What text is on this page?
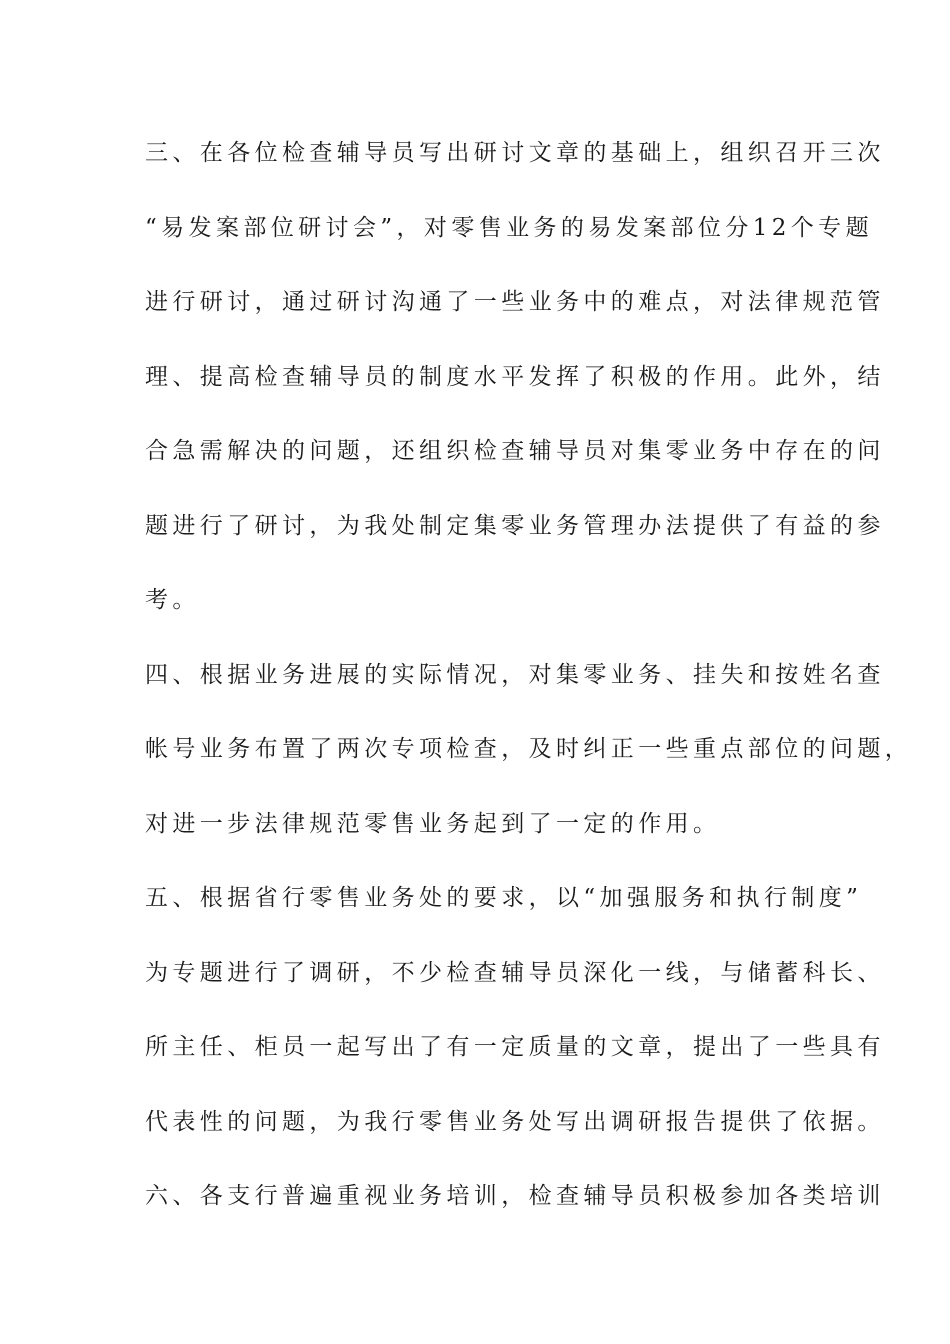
三、在各位检查辅导员写出研讨文章的基础上，组织召开三次
“易发案部位研讨会”，对零售业务的易发案部位分12个专题
进行研讨，通过研讨沟通了一些业务中的难点，对法律规范管
理、提高检查辅导员的制度水平发挥了积极的作用。此外，结
合急需解决的问题，还组织检查辅导员对集零业务中存在的问
题进行了研讨，为我处制定集零业务管理办法提供了有益的参
考。
四、根据业务进展的实际情况，对集零业务、挂失和按姓名查
帐号业务布置了两次专项检查，及时纠正一些重点部位的问题，
对进一步法律规范零售业务起到了一定的作用。
五、根据省行零售业务处的要求，以“加强服务和执行制度”
为专题进行了调研，不少检查辅导员深化一线，与储蓄科长、
所主任、柜员一起写出了有一定质量的文章，提出了一些具有
代表性的问题，为我行零售业务处写出调研报告提供了依据。
六、各支行普遍重视业务培训，检查辅导员积极参加各类培训
